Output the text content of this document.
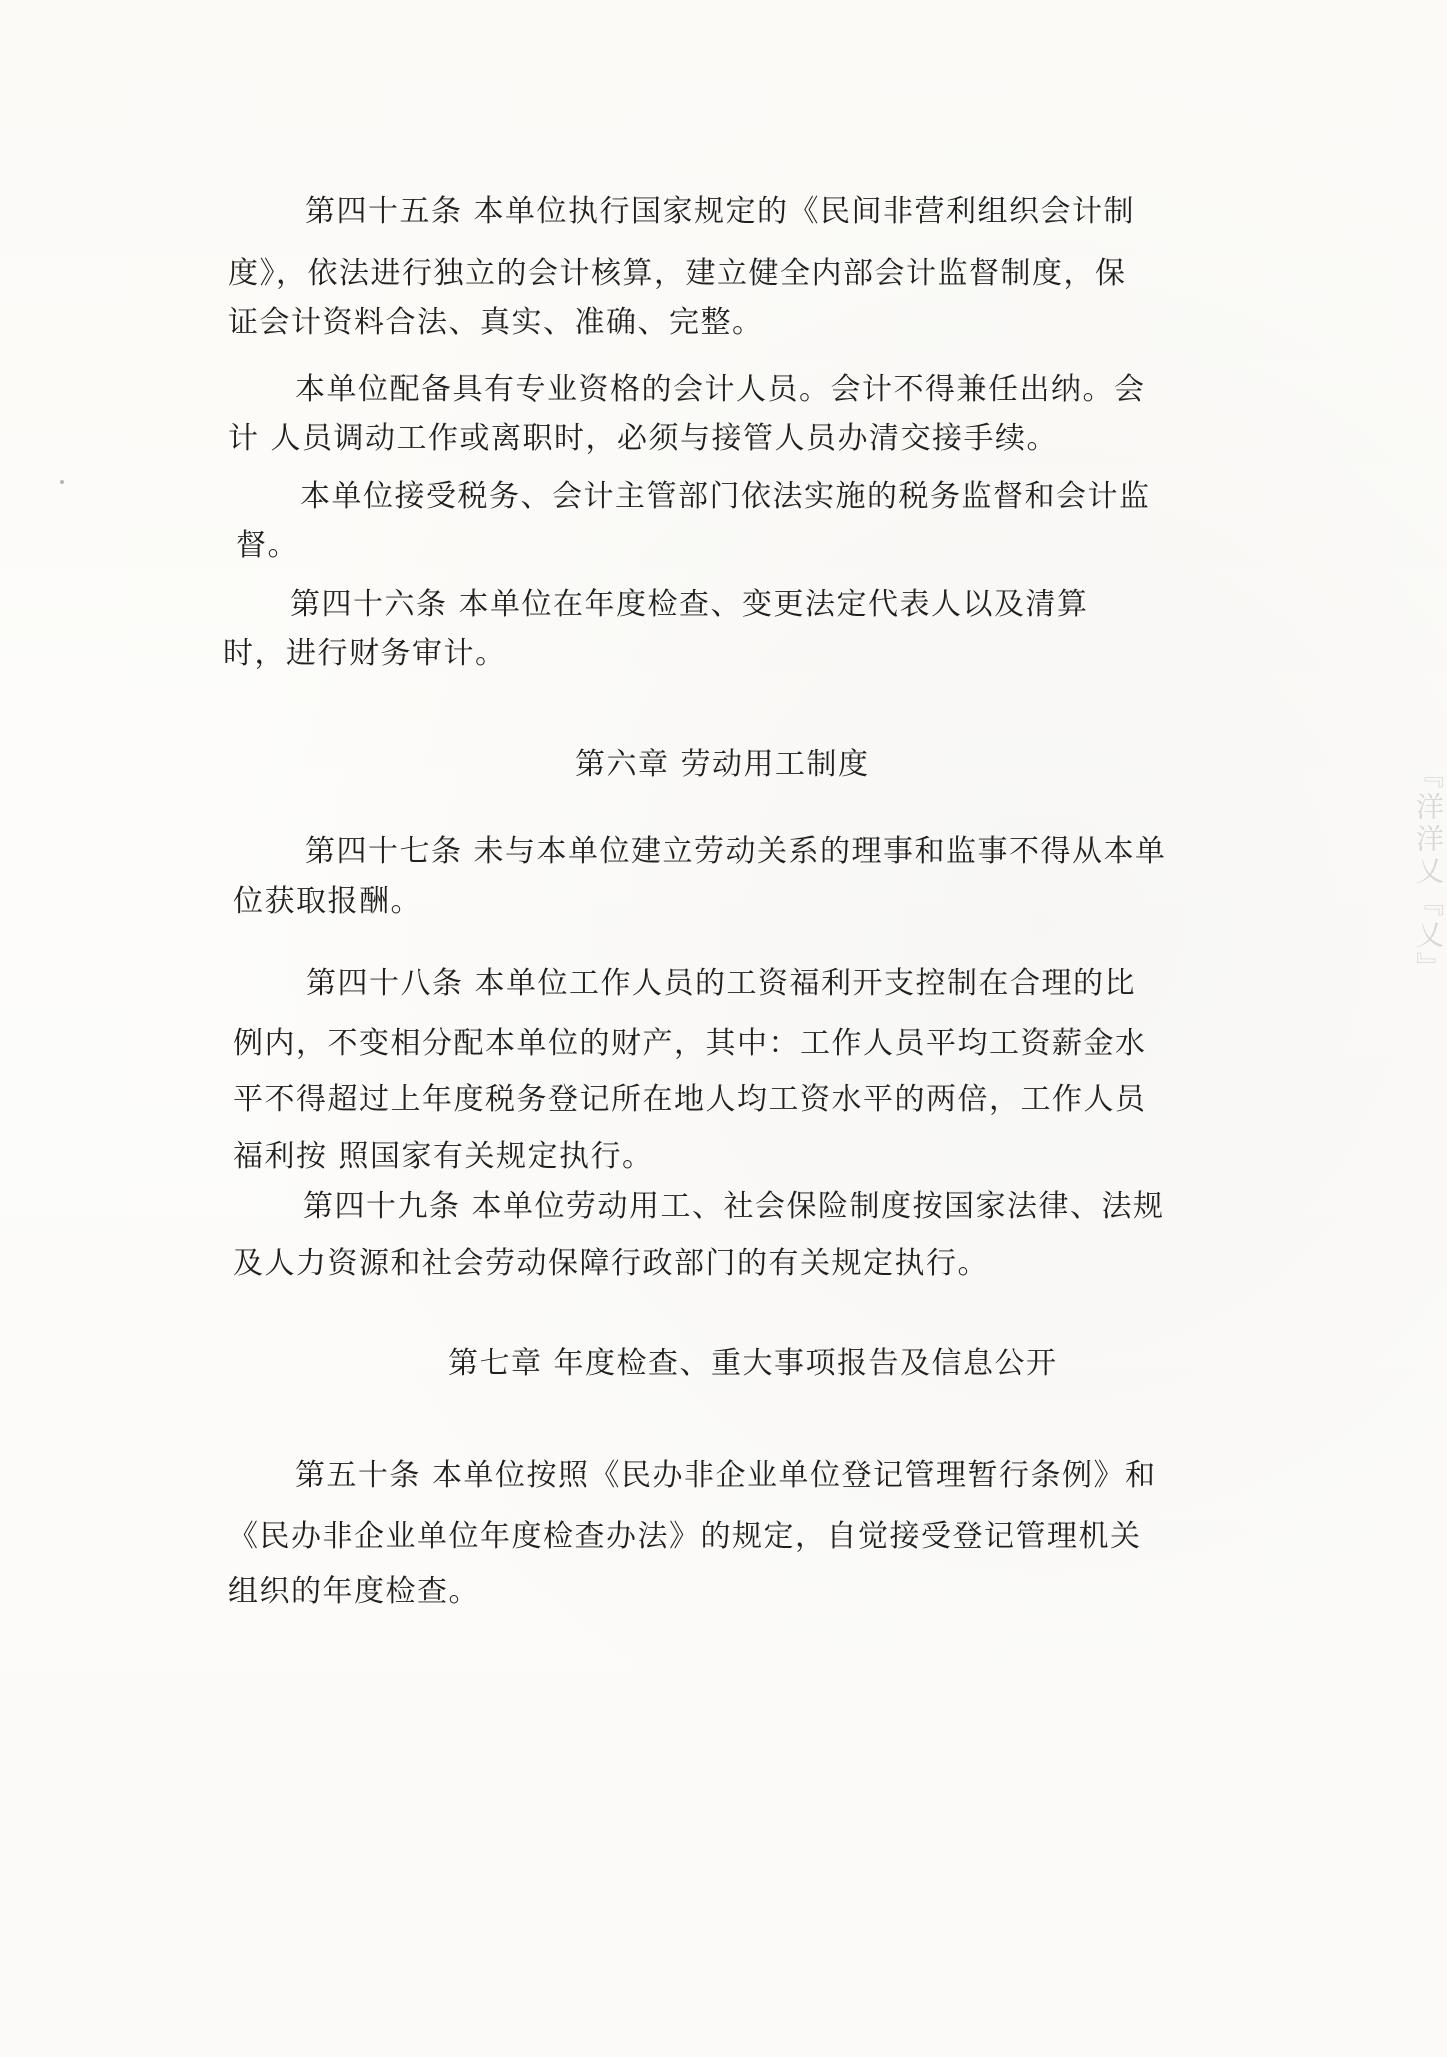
第四十五条 本单位执行国家规定的《民间非营利组织会计制
度》，依法进行独立的会计核算，建立健全内部会计监督制度，保
证会计资料合法、真实、准确、完整。
本单位配备具有专业资格的会计人员。会计不得兼任出纳。会
计 人员调动工作或离职时，必须与接管人员办清交接手续。
本单位接受税务、会计主管部门依法实施的税务监督和会计监
督。
第四十六条 本单位在年度检查、变更法定代表人以及清算
时，进行财务审计。
第六章 劳动用工制度
第四十七条 未与本单位建立劳动关系的理事和监事不得从本单
位获取报酬。
第四十八条 本单位工作人员的工资福利开支控制在合理的比
例内，不变相分配本单位的财产，其中：工作人员平均工资薪金水
平不得超过上年度税务登记所在地人均工资水平的两倍，工作人员
福利按 照国家有关规定执行。
第四十九条 本单位劳动用工、社会保险制度按国家法律、法规
及人力资源和社会劳动保障行政部门的有关规定执行。
第七章 年度检查、重大事项报告及信息公开
第五十条 本单位按照《民办非企业单位登记管理暂行条例》和
《民办非企业单位年度检查办法》的规定，自觉接受登记管理机关
组织的年度检查。
『洋洋乂『乂』
